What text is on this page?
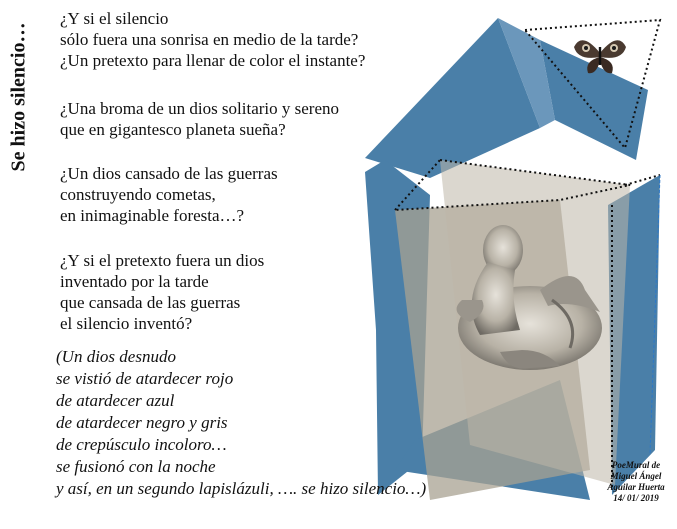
Se hizo silencio…

¿Y si el silencio
sólo fuera una sonrisa en medio de la tarde?
¿Un pretexto para llenar de color el instante?

¿Una broma de un dios solitario y sereno
que en gigantesco planeta sueña?

¿Un dios cansado de las guerras
construyendo cometas,
en inimaginable foresta…?

¿Y si el pretexto fuera un dios
inventado por la tarde
que cansada de las guerras
el silencio inventó?

(Un dios desnudo
se vistió de atardecer rojo
de atardecer azul
de atardecer negro y gris
de crepúsculo incoloro…
se fusionó con la noche
y así, en un segundo lapislázuli, …. se hizo silencio…)
PoeMural de
Miguel Ángel
Aguilar Huerta
14/ 01/ 2019
